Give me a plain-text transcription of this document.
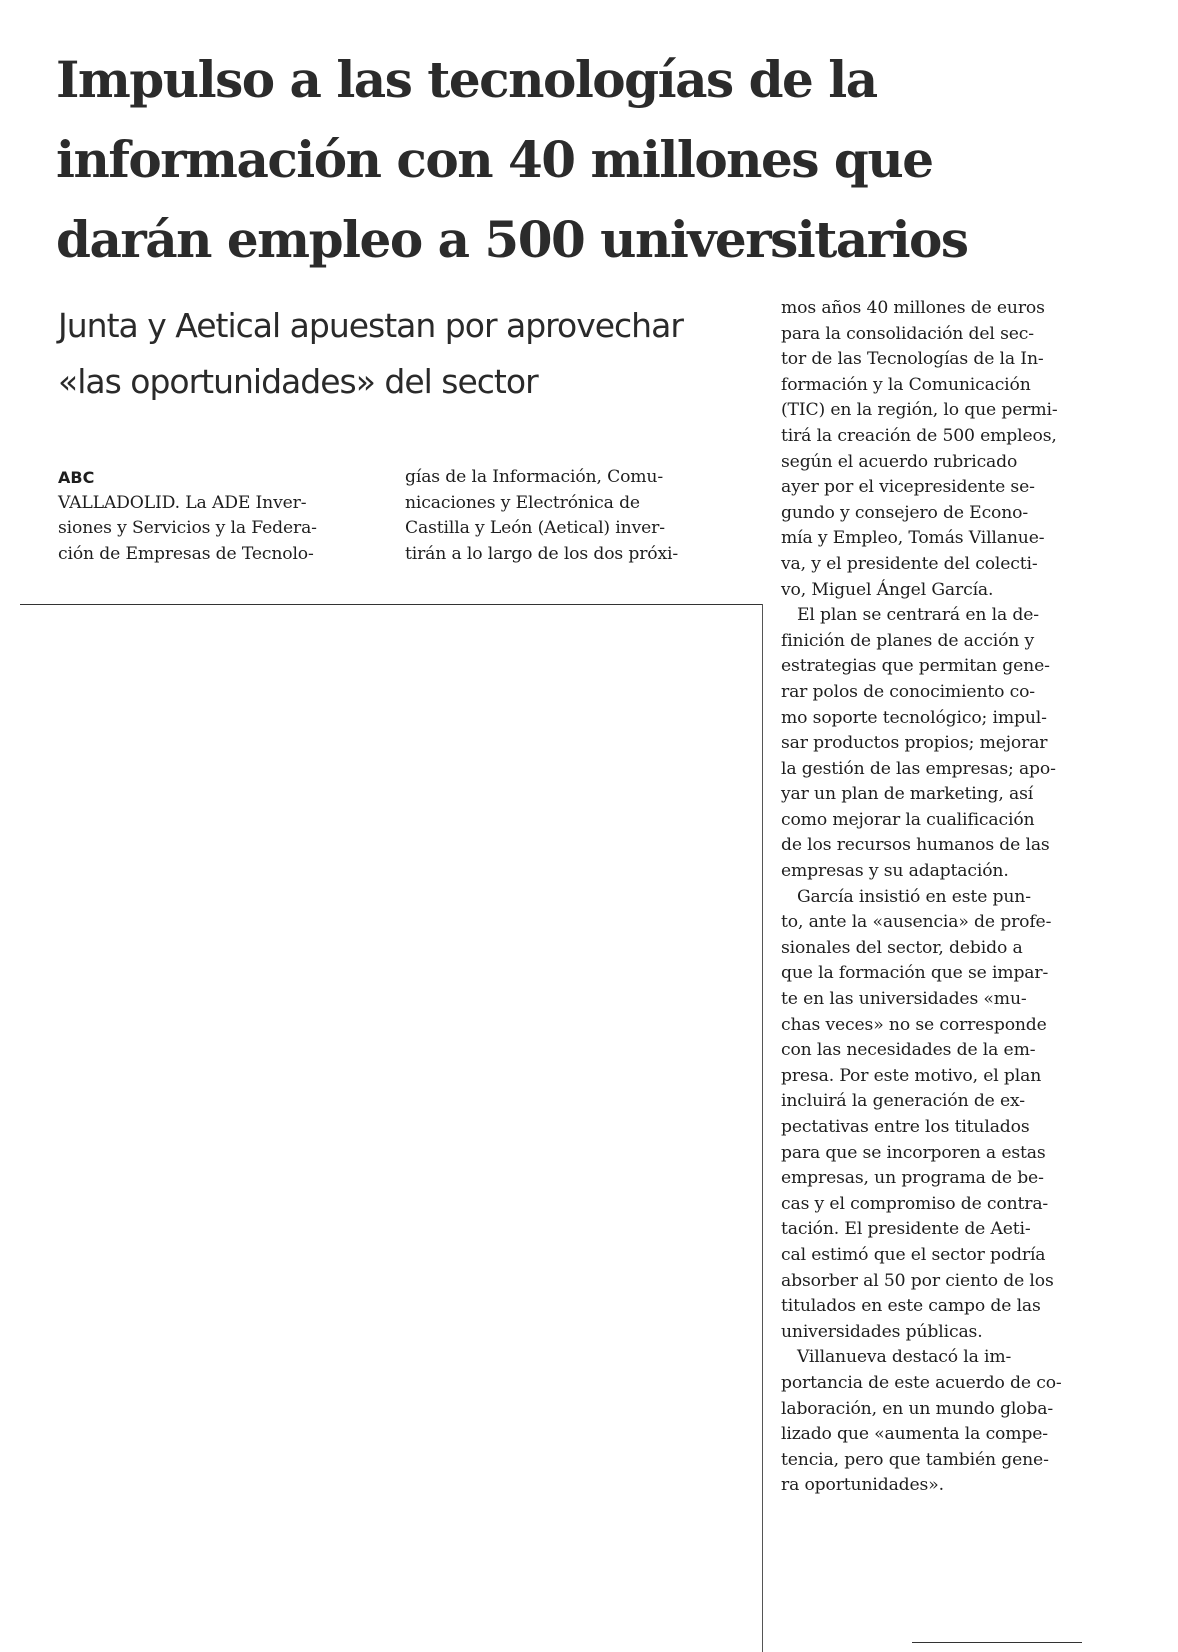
Impulso a las tecnologías de la
información con 40 millones que
darán empleo a 500 universitarios
Junta y Aetical apuestan por aprovechar
«las oportunidades» del sector
ABC
VALLADOLID. La ADE Inver-
siones y Servicios y la Federa-
ción de Empresas de Tecnolo-
gías de la Información, Comu-
nicaciones y Electrónica de
Castilla y León (Aetical) inver-
tirán a lo largo de los dos próxi-
mos años 40 millones de euros
para la consolidación del sec-
tor de las Tecnologías de la In-
formación y la Comunicación
(TIC) en la región, lo que permi-
tirá la creación de 500 empleos,
según el acuerdo rubricado
ayer por el vicepresidente se-
gundo y consejero de Econo-
mía y Empleo, Tomás Villanue-
va, y el presidente del colecti-
vo, Miguel Ángel García.
El plan se centrará en la de-
finición de planes de acción y
estrategias que permitan gene-
rar polos de conocimiento co-
mo soporte tecnológico; impul-
sar productos propios; mejorar
la gestión de las empresas; apo-
yar un plan de marketing, así
como mejorar la cualificación
de los recursos humanos de las
empresas y su adaptación.
García insistió en este pun-
to, ante la «ausencia» de profe-
sionales del sector, debido a
que la formación que se impar-
te en las universidades «mu-
chas veces» no se corresponde
con las necesidades de la em-
presa. Por este motivo, el plan
incluirá la generación de ex-
pectativas entre los titulados
para que se incorporen a estas
empresas, un programa de be-
cas y el compromiso de contra-
tación. El presidente de Aeti-
cal estimó que el sector podría
absorber al 50 por ciento de los
titulados en este campo de las
universidades públicas.
Villanueva destacó la im-
portancia de este acuerdo de co-
laboración, en un mundo globa-
lizado que «aumenta la compe-
tencia, pero que también gene-
ra oportunidades».
